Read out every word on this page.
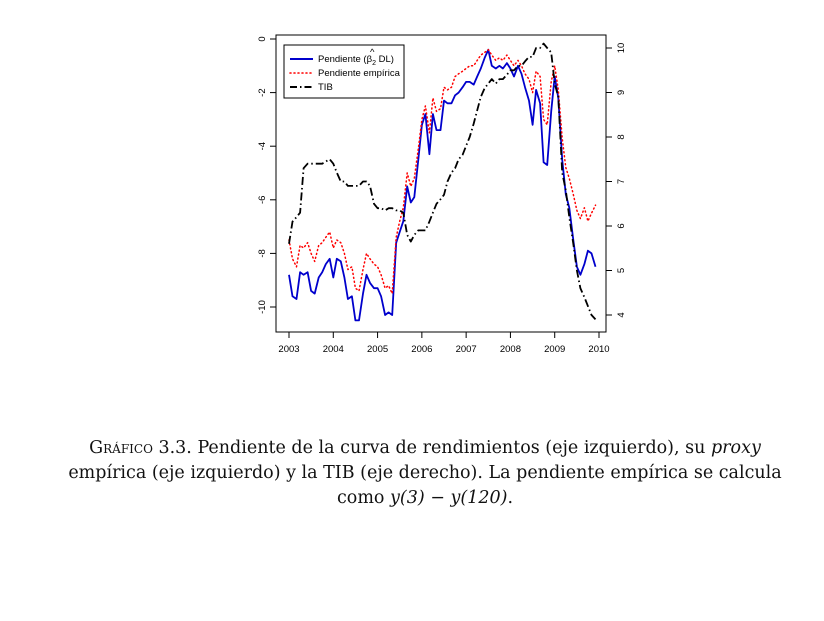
2003 2004 2005 2006 2007 2008 2009 2010
0
-2
-4
-6
-8
-10
10
9
8
7
6
5
4
Pendiente ($\beta_2$ DL)
^
Pendiente empírica
TIB
Gráfico 3.3. Pendiente de la curva de rendimientos (eje izquierdo), su proxy empírica (eje izquierdo) y la TIB (eje derecho). La pendiente empírica se calcula como y(3) − y(120).
